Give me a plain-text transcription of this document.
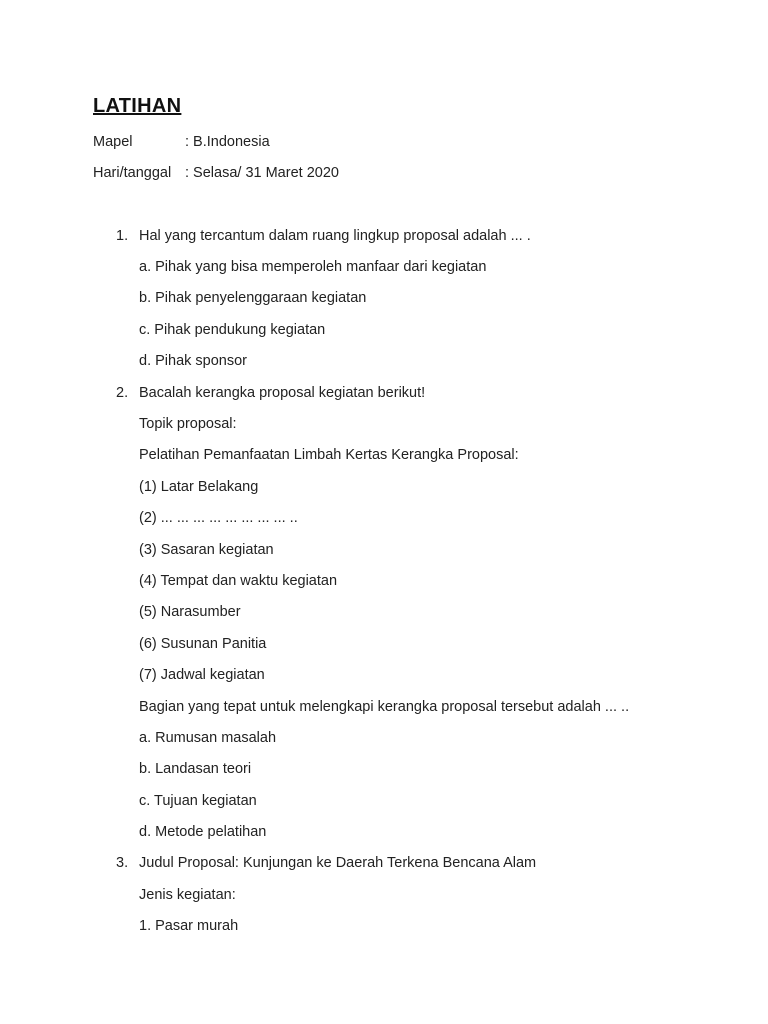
LATIHAN
Mapel	: B.Indonesia
Hari/tanggal : Selasa/ 31 Maret 2020
1. Hal yang tercantum dalam ruang lingkup proposal adalah ... .
a. Pihak yang bisa memperoleh manfaar dari kegiatan
b. Pihak penyelenggaraan kegiatan
c. Pihak pendukung kegiatan
d. Pihak sponsor
2. Bacalah kerangka proposal kegiatan berikut!
Topik proposal:
Pelatihan Pemanfaatan Limbah Kertas Kerangka Proposal:
(1) Latar Belakang
(2) ... ... ... ... ... ... ... ... ..
(3) Sasaran kegiatan
(4) Tempat dan waktu kegiatan
(5) Narasumber
(6) Susunan Panitia
(7) Jadwal kegiatan
Bagian yang tepat untuk melengkapi kerangka proposal tersebut adalah ... ..
a. Rumusan masalah
b. Landasan teori
c. Tujuan kegiatan
d. Metode pelatihan
3. Judul Proposal: Kunjungan ke Daerah Terkena Bencana Alam
Jenis kegiatan:
1. Pasar murah
